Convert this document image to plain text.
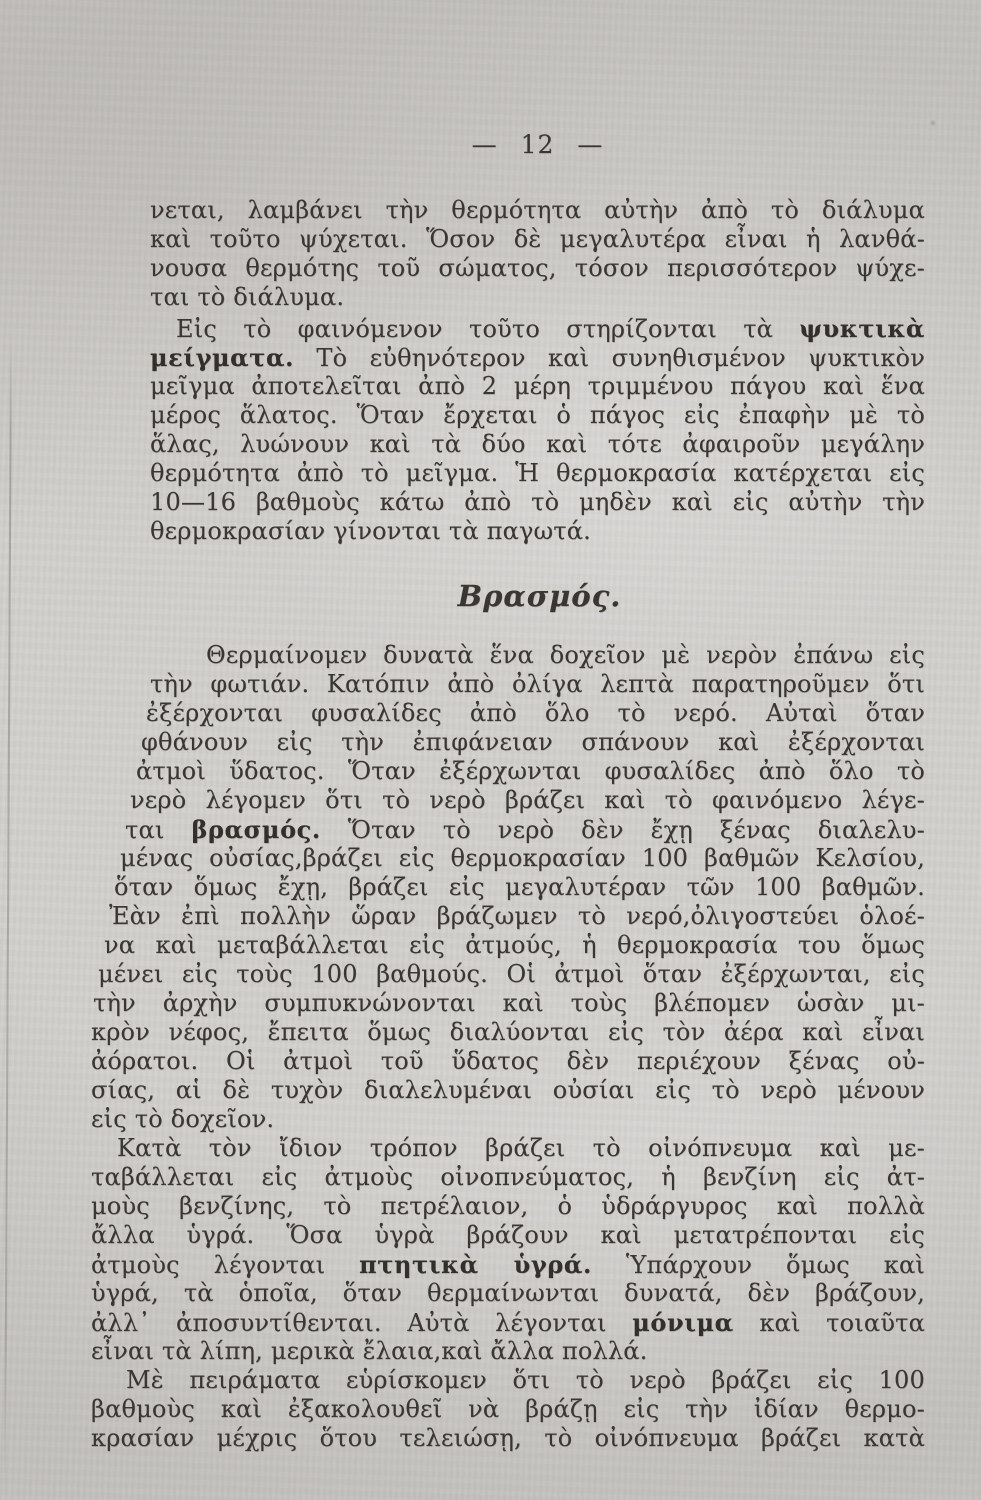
— 12 —
νεται, λαμβάνει τὴν θερμότητα αὐτὴν ἀπὸ τὸ διάλυμα
καὶ τοῦτο ψύχεται. Ὅσον δὲ μεγαλυτέρα εἶναι ἡ λανθά-
νουσα θερμότης τοῦ σώματος, τόσον περισσότερον ψύχε-
ται τὸ διάλυμα.
Εἰς τὸ φαινόμενον τοῦτο στηρίζονται τὰ ψυκτικὰ
μείγματα. Τὸ εὐθηνότερον καὶ συνηθισμένον ψυκτικὸν
μεῖγμα ἀποτελεῖται ἀπὸ 2 μέρη τριμμένου πάγου καὶ ἕνα
μέρος ἅλατος. Ὅταν ἔρχεται ὁ πάγος εἰς ἐπαφὴν μὲ τὸ
ἅλας, λυώνουν καὶ τὰ δύο καὶ τότε ἀφαιροῦν μεγάλην
θερμότητα ἀπὸ τὸ μεῖγμα. Ἡ θερμοκρασία κατέρχεται εἰς
10—16 βαθμοὺς κάτω ἀπὸ τὸ μηδὲν καὶ εἰς αὐτὴν τὴν
θερμοκρασίαν γίνονται τὰ παγωτά.
Βρασμός.
Θερμαίνομεν δυνατὰ ἕνα δοχεῖον μὲ νερὸν ἐπάνω εἰς
τὴν φωτιάν. Κατόπιν ἀπὸ ὀλίγα λεπτὰ παρατηροῦμεν ὅτι
ἐξέρχονται φυσαλίδες ἀπὸ ὅλο τὸ νερό. Αὐταὶ ὅταν
φθάνουν εἰς τὴν ἐπιφάνειαν σπάνουν καὶ ἐξέρχονται
ἀτμοὶ ὕδατος. Ὅταν ἐξέρχωνται φυσαλίδες ἀπὸ ὅλο τὸ
νερὸ λέγομεν ὅτι τὸ νερὸ βράζει καὶ τὸ φαινόμενο λέγε-
ται βρασμός. Ὅταν τὸ νερὸ δὲν ἔχῃ ξένας διαλελυ-
μένας οὐσίας,βράζει εἰς θερμοκρασίαν 100 βαθμῶν Κελσίου,
ὅταν ὅμως ἔχῃ, βράζει εἰς μεγαλυτέραν τῶν 100 βαθμῶν.
Ἐὰν ἐπὶ πολλὴν ὥραν βράζωμεν τὸ νερό,ὀλιγοστεύει ὁλοέ-
να καὶ μεταβάλλεται εἰς ἀτμούς, ἡ θερμοκρασία του ὅμως
μένει εἰς τοὺς 100 βαθμούς. Οἱ ἀτμοὶ ὅταν ἐξέρχωνται, εἰς
τὴν ἀρχὴν συμπυκνώνονται καὶ τοὺς βλέπομεν ὡσὰν μι-
κρὸν νέφος, ἔπειτα ὅμως διαλύονται εἰς τὸν ἀέρα καὶ εἶναι
ἀόρατοι. Οἱ ἀτμοὶ τοῦ ὕδατος δὲν περιέχουν ξένας οὐ-
σίας, αἱ δὲ τυχὸν διαλελυμέναι οὐσίαι εἰς τὸ νερὸ μένουν
εἰς τὸ δοχεῖον.
Κατὰ τὸν ἴδιον τρόπον βράζει τὸ οἰνόπνευμα καὶ με-
ταβάλλεται εἰς ἀτμοὺς οἰνοπνεύματος, ἡ βενζίνη εἰς ἀτ-
μοὺς βενζίνης, τὸ πετρέλαιον, ὁ ὑδράργυρος καὶ πολλὰ
ἄλλα ὑγρά. Ὅσα ὑγρὰ βράζουν καὶ μετατρέπονται εἰς
ἀτμοὺς λέγονται πτητικὰ ὑγρά. Ὑπάρχουν ὅμως καὶ
ὑγρά, τὰ ὁποῖα, ὅταν θερμαίνωνται δυνατά, δὲν βράζουν,
ἀλλ᾽ ἀποσυντίθενται. Αὐτὰ λέγονται μόνιμα καὶ τοιαῦτα
εἶναι τὰ λίπη, μερικὰ ἔλαια,καὶ ἄλλα πολλά.
Μὲ πειράματα εὑρίσκομεν ὅτι τὸ νερὸ βράζει εἰς 100
βαθμοὺς καὶ ἐξακολουθεῖ νὰ βράζῃ εἰς τὴν ἰδίαν θερμο-
κρασίαν μέχρις ὅτου τελειώσῃ, τὸ οἰνόπνευμα βράζει κατὰ
